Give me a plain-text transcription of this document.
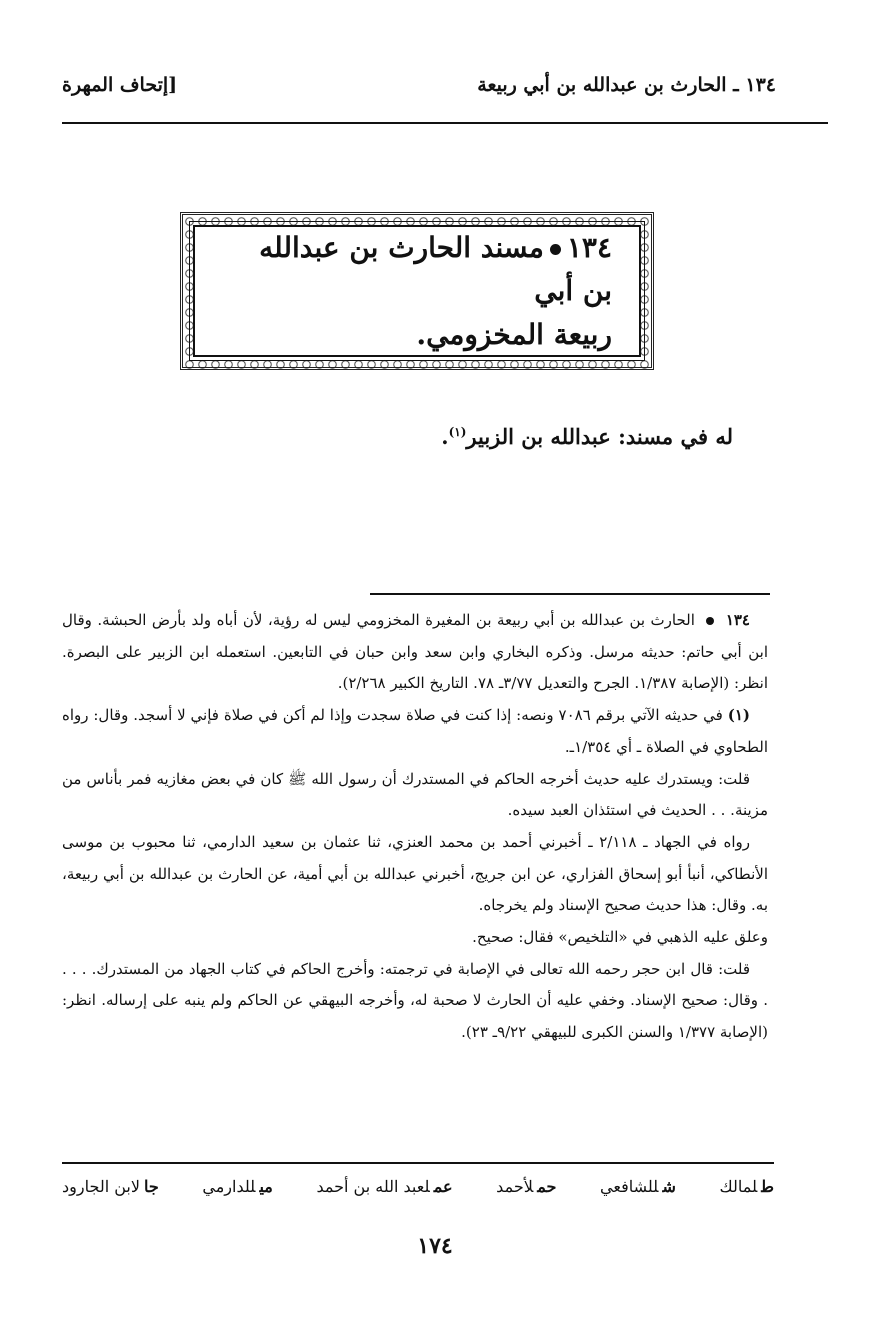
١٣٤ ـ الحارث بن عبدالله بن أبي ربيعة
[إتحاف المهرة
١٣٤مسند الحارث بن عبدالله بن أبي
ربيعة المخزومي.
له في مسند: عبدالله بن الزبير$^{(١)}$.

١٣٤  الحارث بن عبدالله بن أبي ربيعة بن المغيرة المخزومي ليس له رؤية، لأن أباه ولد بأرض الحبشة. وقال ابن أبي حاتم: حديثه مرسل. وذكره البخاري وابن سعد وابن حبان في التابعين. استعمله ابن الزبير على البصرة. انظر: (الإصابة ١/٣٨٧. الجرح والتعديل ٣/٧٧ـ ٧٨. التاريخ الكبير ٢/٢٦٨).

(١) في حديثه الآتي برقم ٧٠٨٦ ونصه: إذا كنت في صلاة سجدت وإذا لم أكن في صلاة فإني لا أسجد. وقال: رواه الطحاوي في الصلاة ـ أي ١/٣٥٤ـ.

قلت: ويستدرك عليه حديث أخرجه الحاكم في المستدرك أن رسول الله ﷺ كان في بعض مغازيه فمر بأناس من مزينة. . . الحديث في استئذان العبد سيده.

رواه في الجهاد ـ ٢/١١٨ ـ أخبرني أحمد بن محمد العنزي، ثنا عثمان بن سعيد الدارمي، ثنا محبوب بن موسى الأنطاكي، أنبأ أبو إسحاق الفزاري، عن ابن جريج، أخبرني عبدالله بن أبي أمية، عن الحارث بن عبدالله بن أبي ربيعة، به. وقال: هذا حديث صحيح الإسناد ولم يخرجاه.

وعلق عليه الذهبي في «التلخيص» فقال: صحيح.

قلت: قال ابن حجر رحمه الله تعالى في الإصابة في ترجمته: وأخرج الحاكم في كتاب الجهاد من المستدرك. . . . . وقال: صحيح الإسناد. وخفي عليه أن الحارث لا صحبة له، وأخرجه البيهقي عن الحاكم ولم ينبه على إرساله. انظر: (الإصابة ١/٣٧٧ والسنن الكبرى للبيهقي ٩/٢٢ـ ٢٣).

طلمالك
شللشافعي
حملأحمد
عملعبد الله بن أحمد
ميللدارمي
جالابن الجارود
١٧٤
